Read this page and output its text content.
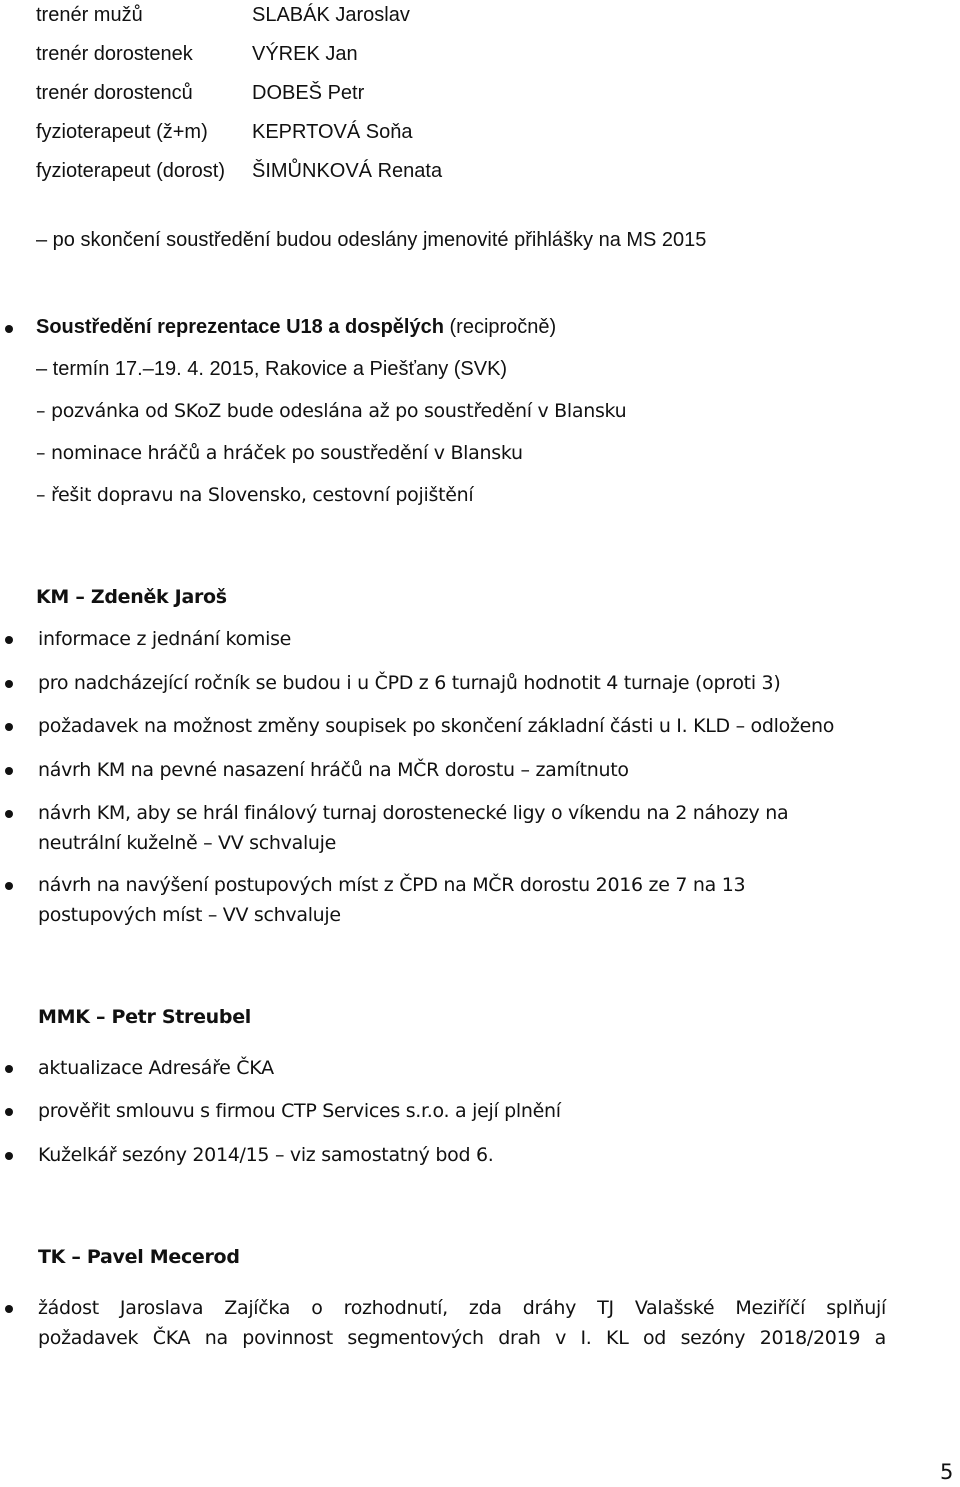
trenér mužů	SLABÁK Jaroslav
trenér dorostenek	VÝREK Jan
trenér dorostenců	DOBEŠ Petr
fyzioterapeut (ž+m) KEPRTOVÁ Soňa
fyzioterapeut (dorost) ŠIMŮNKOVÁ Renata
– po skončení soustředění budou odeslány jmenovité přihlášky na MS 2015
Soustředění reprezentace U18 a dospělých (recipročně)
– termín 17.–19. 4. 2015, Rakovice a Piešťany (SVK)
– pozvánka od SKoZ bude odeslána až po soustředění v Blansku
– nominace hráčů a hráček po soustředění v Blansku
– řešit dopravu na Slovensko, cestovní pojištění
KM – Zdeněk Jaroš
informace z jednání komise
pro nadcházející ročník se budou i u ČPD z 6 turnajů hodnotit 4 turnaje (oproti 3)
požadavek na možnost změny soupisek po skončení základní části u I. KLD – odloženo
návrh KM na pevné nasazení hráčů na MČR dorostu – zamítnuto
návrh KM, aby se hrál finálový turnaj dorostenecké ligy o víkendu na 2 náhozy na
neutrální kuželně – VV schvaluje
návrh na navýšení postupových míst z ČPD na MČR dorostu 2016 ze 7 na 13
postupových míst – VV schvaluje
MMK – Petr Streubel
aktualizace Adresáře ČKA
prověřit smlouvu s firmou CTP Services s.r.o. a její plnění
Kuželkář sezóny 2014/15 – viz samostatný bod 6.
TK – Pavel Mecerod
žádost Jaroslava Zajíčka o rozhodnutí, zda dráhy TJ Valašské Meziříčí splňují
požadavek ČKA na povinnost segmentových drah v I. KL od sezóny 2018/2019 a
5
